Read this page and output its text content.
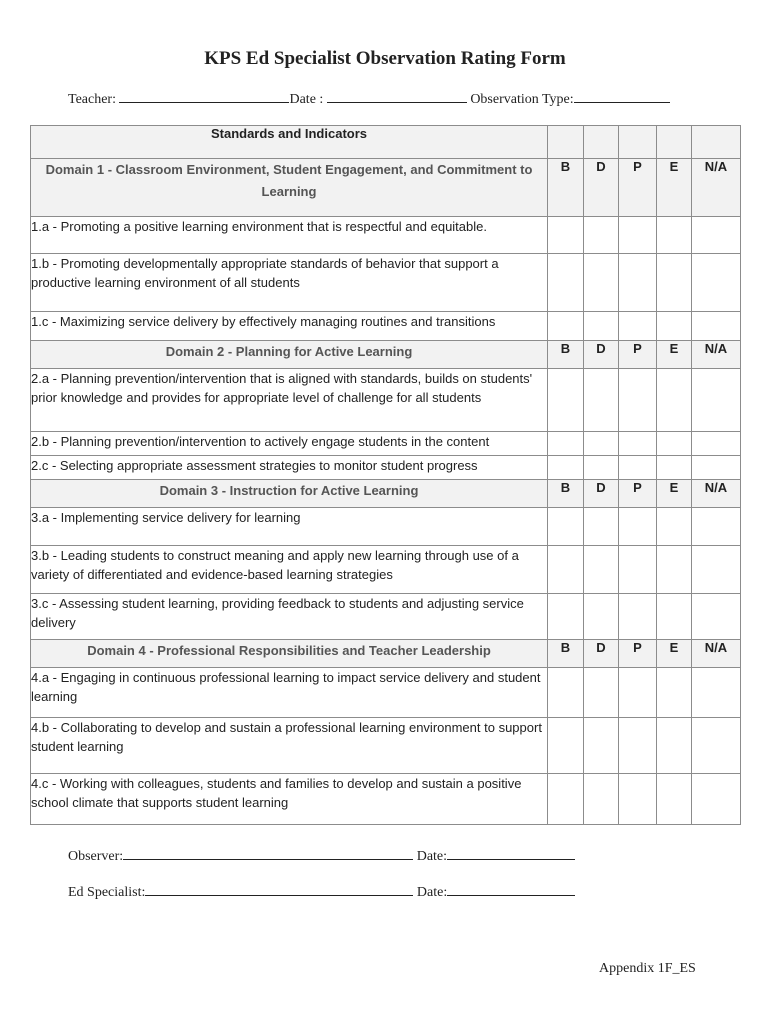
KPS Ed Specialist Observation Rating Form
Teacher:	Date :	Observation Type:
Standards and Indicators					
Domain 1 - Classroom Environment, Student Engagement, and Commitment to Learning	B	D	P	E	N/A
1.a - Promoting a positive learning environment that is respectful and equitable.					
1.b - Promoting developmentally appropriate standards of behavior that support a productive learning environment of all students					
1.c - Maximizing service delivery by effectively managing routines and transitions					
Domain 2 - Planning for Active Learning	B	D	P	E	N/A
2.a - Planning prevention/intervention that is aligned with standards, builds on students' prior knowledge and provides for appropriate level of challenge for all students					
2.b - Planning prevention/intervention to actively engage students in the content					
2.c - Selecting appropriate assessment strategies to monitor student progress					
Domain 3 - Instruction for Active Learning	B	D	P	E	N/A
3.a - Implementing service delivery for learning					
3.b - Leading students to construct meaning and apply new learning through use of a variety of differentiated and evidence-based learning strategies					
3.c - Assessing student learning, providing feedback to students and adjusting service delivery					
Domain 4 - Professional Responsibilities and Teacher Leadership	B	D	P	E	N/A
4.a - Engaging in continuous professional learning to impact service delivery and student learning					
4.b - Collaborating to develop and sustain a professional learning environment to support student learning					
4.c - Working with colleagues, students and families to develop and sustain a positive school climate that supports student learning					
Observer:	Date:
Ed Specialist:	Date:
Appendix 1F_ES
